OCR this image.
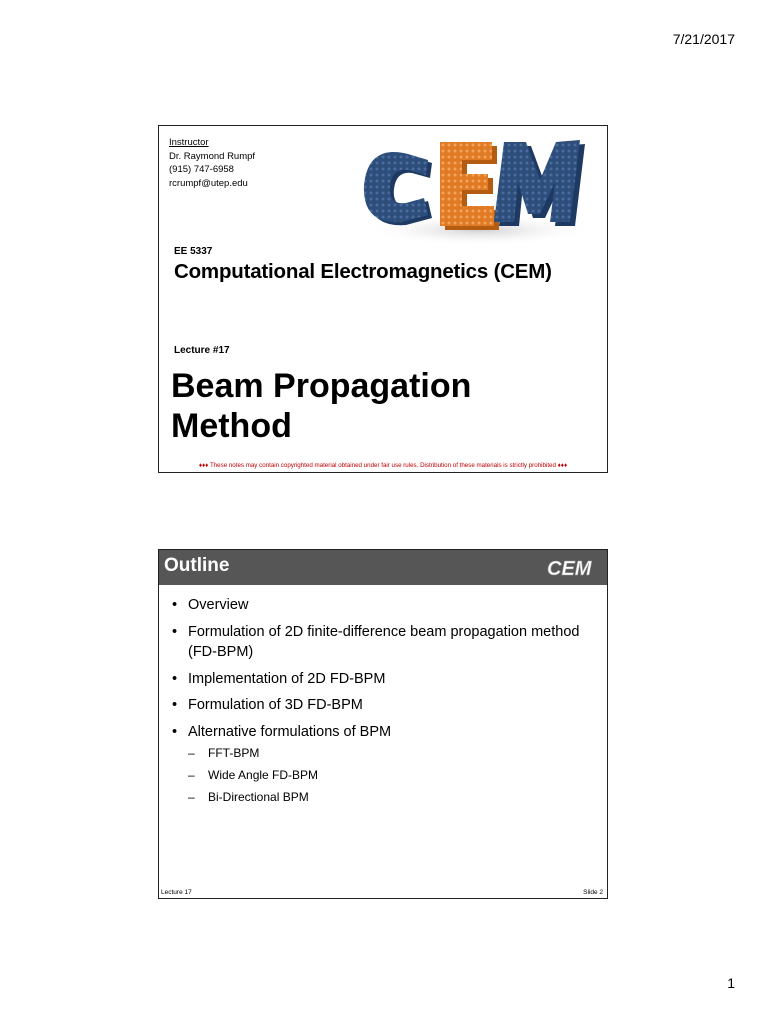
7/21/2017
Instructor
Dr. Raymond Rumpf
(915) 747-6958
rcrumpf@utep.edu
EE 5337
Computational Electromagnetics (CEM)
Lecture #17
Beam Propagation
Method
♦♦♦ These notes may contain copyrighted material obtained under fair use rules. Distribution of these materials is strictly prohibited ♦♦♦
Outline	CEM
• Overview
• Formulation of 2D finite-difference beam propagation method (FD-BPM)
• Implementation of 2D FD-BPM
• Formulation of 3D FD-BPM
• Alternative formulations of BPM
– FFT-BPM
– Wide Angle FD-BPM
– Bi-Directional BPM
Lecture 17	Slide 2
1
